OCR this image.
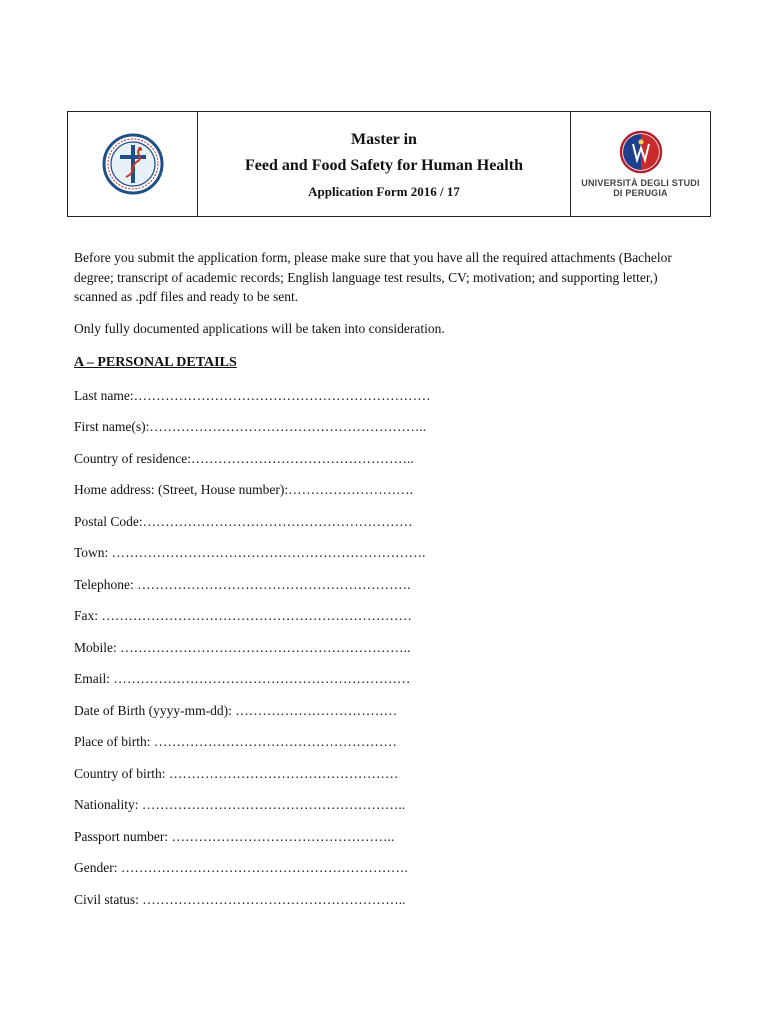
Master in
Feed and Food Safety for Human Health
Application Form 2016 / 17
UNIVERSITÀ DEGLI STUDI
DI PERUGIA

Before you submit the application form, please make sure that you have all the required attachments (Bachelor degree; transcript of academic records; English language test results, CV; motivation; and supporting letter,) scanned as .pdf files and ready to be sent.

Only fully documented applications will be taken into consideration.

A – PERSONAL DETAILS
Last name:…………………………………………………………
First name(s):……………………………………………………..
Country of residence:…………………………………………..
Home address: (Street, House number):……………………….
Postal Code:……………………………………………………
Town: …………………………………………………………….
Telephone: …………………………………………………….
Fax: ……………………………………………………………
Mobile: ………………………………………………………..
Email: …………………………………………………………
Date of Birth (yyyy-mm-dd): ………………………………
Place of birth: ………………………………………………
Country of birth: ……………………………………………
Nationality: …………………………………………………..
Passport number: …………………………………………..
Gender: ……………………………………………………….
Civil status: …………………………………………………..
